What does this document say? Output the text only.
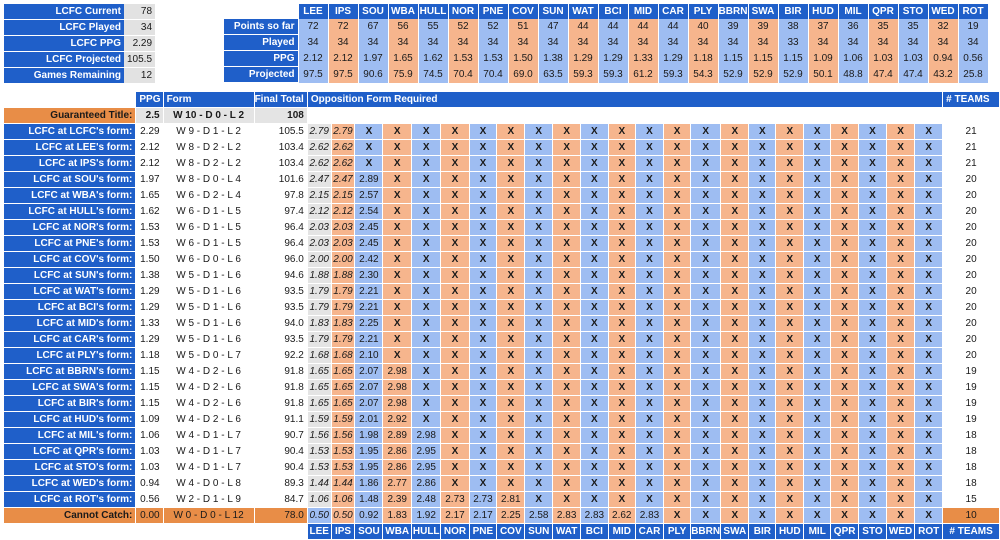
LCFC Current	78
LCFC Played	34
LCFC PPG	2.29
LCFC Projected	105.5
Games Remaining	12
	LEE	IPS	SOU	WBA	HULL	NOR	PNE	COV	SUN	WAT	BCI	MID	CAR	PLY	BBRN	SWA	BIR	HUD	MIL	QPR	STO	WED	ROT
Points so far	72	72	67	56	55	52	52	51	47	44	44	44	44	40	39	39	38	37	36	35	35	32	19
Played	34	34	34	34	34	34	34	34	34	34	34	34	34	34	34	34	33	34	34	34	34	34	34
PPG	2.12	2.12	1.97	1.65	1.62	1.53	1.53	1.50	1.38	1.29	1.29	1.33	1.29	1.18	1.15	1.15	1.15	1.09	1.06	1.03	1.03	0.94	0.56
Projected	97.5	97.5	90.6	75.9	74.5	70.4	70.4	69.0	63.5	59.3	59.3	61.2	59.3	54.3	52.9	52.9	52.9	50.1	48.8	47.4	47.4	43.2	25.8
	PPG	Form	Final Total	Opposition Form Required																							# TEAMS
Guaranteed Title:	2.5	W 10 - D 0 - L 2	108																								
LCFC at LCFC's form:	2.29	W 9 - D 1 - L 2	105.5	2.79	2.79	X	X	X	X	X	X	X	X	X	X	X	X	X	X	X	X	X	X	X	X	X	21
LCFC at LEE's form:	2.12	W 8 - D 2 - L 2	103.4	2.62	2.62	X	X	X	X	X	X	X	X	X	X	X	X	X	X	X	X	X	X	X	X	X	21
LCFC at IPS's form:	2.12	W 8 - D 2 - L 2	103.4	2.62	2.62	X	X	X	X	X	X	X	X	X	X	X	X	X	X	X	X	X	X	X	X	X	21
LCFC at SOU's form:	1.97	W 8 - D 0 - L 4	101.6	2.47	2.47	2.89	X	X	X	X	X	X	X	X	X	X	X	X	X	X	X	X	X	X	X	X	20
LCFC at WBA's form:	1.65	W 6 - D 2 - L 4	97.8	2.15	2.15	2.57	X	X	X	X	X	X	X	X	X	X	X	X	X	X	X	X	X	X	X	X	20
LCFC at HULL's form:	1.62	W 6 - D 1 - L 5	97.4	2.12	2.12	2.54	X	X	X	X	X	X	X	X	X	X	X	X	X	X	X	X	X	X	X	X	20
LCFC at NOR's form:	1.53	W 6 - D 1 - L 5	96.4	2.03	2.03	2.45	X	X	X	X	X	X	X	X	X	X	X	X	X	X	X	X	X	X	X	X	20
LCFC at PNE's form:	1.53	W 6 - D 1 - L 5	96.4	2.03	2.03	2.45	X	X	X	X	X	X	X	X	X	X	X	X	X	X	X	X	X	X	X	X	20
LCFC at COV's form:	1.50	W 6 - D 0 - L 6	96.0	2.00	2.00	2.42	X	X	X	X	X	X	X	X	X	X	X	X	X	X	X	X	X	X	X	X	20
LCFC at SUN's form:	1.38	W 5 - D 1 - L 6	94.6	1.88	1.88	2.30	X	X	X	X	X	X	X	X	X	X	X	X	X	X	X	X	X	X	X	X	20
LCFC at WAT's form:	1.29	W 5 - D 1 - L 6	93.5	1.79	1.79	2.21	X	X	X	X	X	X	X	X	X	X	X	X	X	X	X	X	X	X	X	X	20
LCFC at BCI's form:	1.29	W 5 - D 1 - L 6	93.5	1.79	1.79	2.21	X	X	X	X	X	X	X	X	X	X	X	X	X	X	X	X	X	X	X	X	20
LCFC at MID's form:	1.33	W 5 - D 1 - L 6	94.0	1.83	1.83	2.25	X	X	X	X	X	X	X	X	X	X	X	X	X	X	X	X	X	X	X	X	20
LCFC at CAR's form:	1.29	W 5 - D 1 - L 6	93.5	1.79	1.79	2.21	X	X	X	X	X	X	X	X	X	X	X	X	X	X	X	X	X	X	X	X	20
LCFC at PLY's form:	1.18	W 5 - D 0 - L 7	92.2	1.68	1.68	2.10	X	X	X	X	X	X	X	X	X	X	X	X	X	X	X	X	X	X	X	X	20
LCFC at BBRN's form:	1.15	W 4 - D 2 - L 6	91.8	1.65	1.65	2.07	2.98	X	X	X	X	X	X	X	X	X	X	X	X	X	X	X	X	X	X	X	19
LCFC at SWA's form:	1.15	W 4 - D 2 - L 6	91.8	1.65	1.65	2.07	2.98	X	X	X	X	X	X	X	X	X	X	X	X	X	X	X	X	X	X	X	19
LCFC at BIR's form:	1.15	W 4 - D 2 - L 6	91.8	1.65	1.65	2.07	2.98	X	X	X	X	X	X	X	X	X	X	X	X	X	X	X	X	X	X	X	19
LCFC at HUD's form:	1.09	W 4 - D 2 - L 6	91.1	1.59	1.59	2.01	2.92	X	X	X	X	X	X	X	X	X	X	X	X	X	X	X	X	X	X	X	19
LCFC at MIL's form:	1.06	W 4 - D 1 - L 7	90.7	1.56	1.56	1.98	2.89	2.98	X	X	X	X	X	X	X	X	X	X	X	X	X	X	X	X	X	X	18
LCFC at QPR's form:	1.03	W 4 - D 1 - L 7	90.4	1.53	1.53	1.95	2.86	2.95	X	X	X	X	X	X	X	X	X	X	X	X	X	X	X	X	X	X	18
LCFC at STO's form:	1.03	W 4 - D 1 - L 7	90.4	1.53	1.53	1.95	2.86	2.95	X	X	X	X	X	X	X	X	X	X	X	X	X	X	X	X	X	X	18
LCFC at WED's form:	0.94	W 4 - D 0 - L 8	89.3	1.44	1.44	1.86	2.77	2.86	X	X	X	X	X	X	X	X	X	X	X	X	X	X	X	X	X	X	18
LCFC at ROT's form:	0.56	W 2 - D 1 - L 9	84.7	1.06	1.06	1.48	2.39	2.48	2.73	2.73	2.81	X	X	X	X	X	X	X	X	X	X	X	X	X	X	X	15
Cannot Catch:	0.00	W 0 - D 0 - L 12	78.0	0.50	0.50	0.92	1.83	1.92	2.17	2.17	2.25	2.58	2.83	2.83	2.62	2.83	X	X	X	X	X	X	X	X	X	X	10
				LEE	IPS	SOU	WBA	HULL	NOR	PNE	COV	SUN	WAT	BCI	MID	CAR	PLY	BBRN	SWA	BIR	HUD	MIL	QPR	STO	WED	ROT	# TEAMS
